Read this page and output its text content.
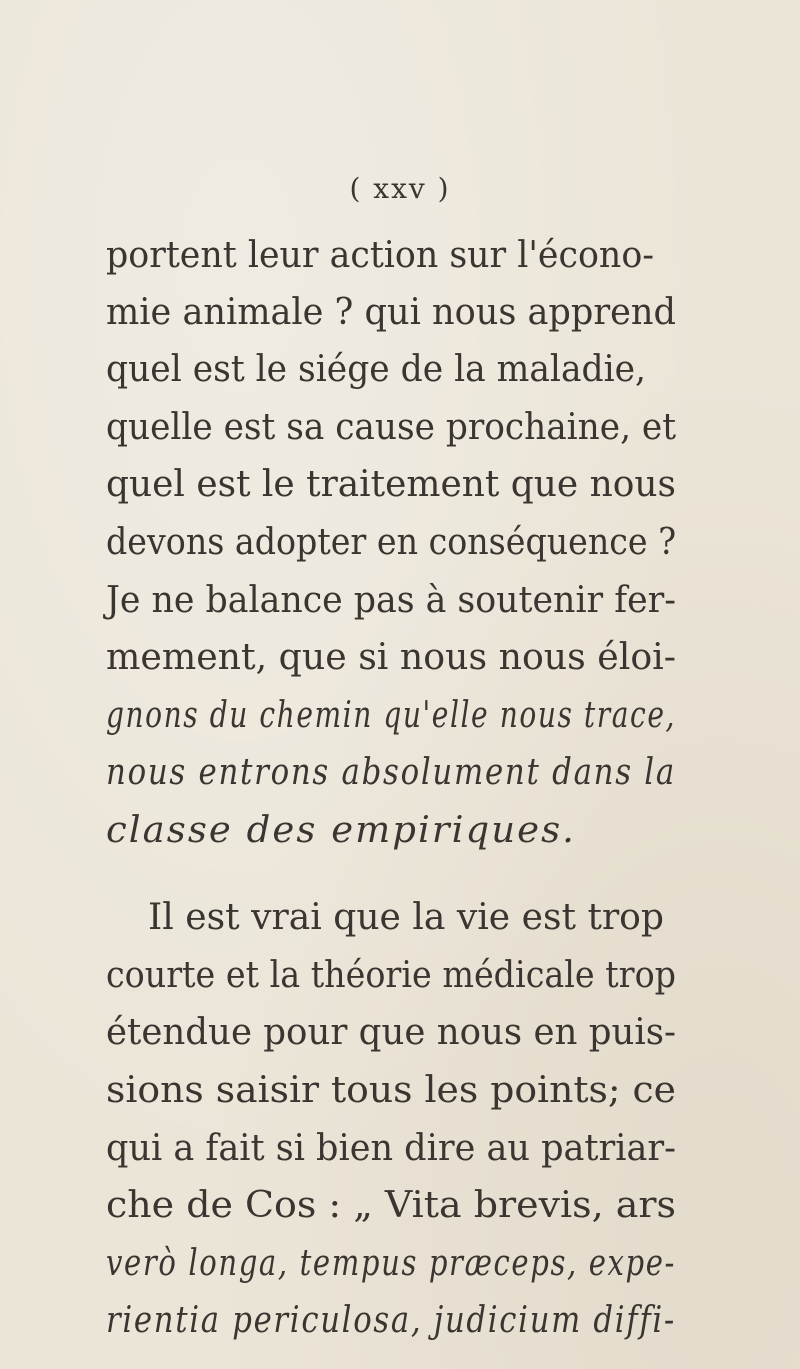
( xxv )
portent leur action sur l'écono-
mie animale ? qui nous apprend
quel est le siége de la maladie,
quelle est sa cause prochaine, et
quel est le traitement que nous
devons adopter en conséquence ?
Je ne balance pas à soutenir fer-
mement, que si nous nous éloi-
gnons du chemin qu'elle nous trace,
nous entrons absolument dans la
classe des empiriques.
Il est vrai que la vie est trop
courte et la théorie médicale trop
étendue pour que nous en puis-
sions saisir tous les points; ce
qui a fait si bien dire au patriar-
che de Cos : „ Vita brevis, ars
verò longa, tempus præceps, expe-
rientia periculosa, judicium diffi-
